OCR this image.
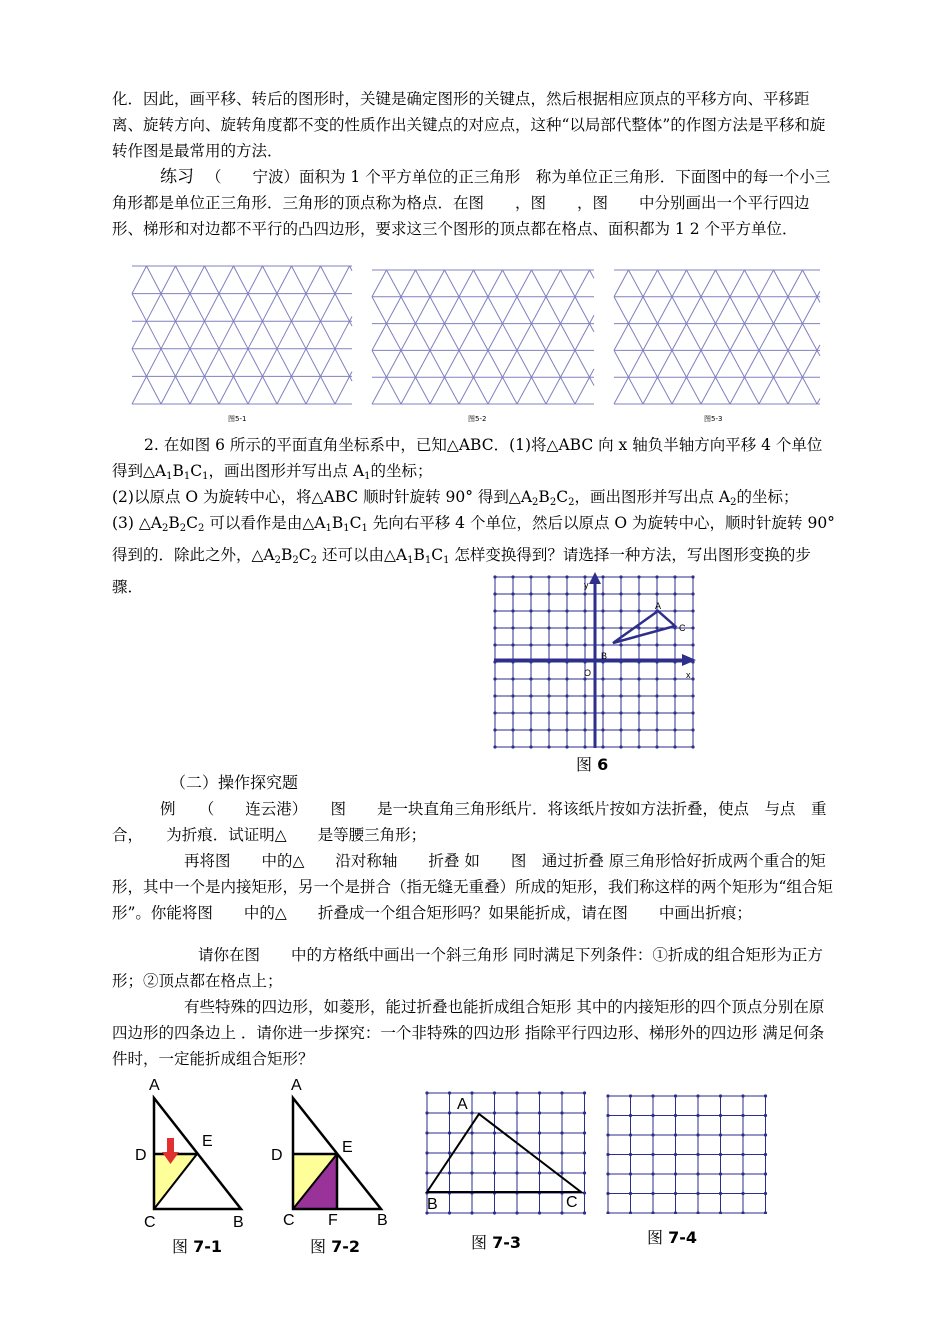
化．因此，画平移、转后的图形时，关键是确定图形的关键点，然后根据相应顶点的平移方向、平移距离、旋转方向、旋转角度都不变的性质作出关键点的对应点，这种“以局部代整体”的作图方法是平移和旋转作图是最常用的方法．

练习 （　　宁波）面积为 1 个平方单位的正三角形　称为单位正三角形．下面图中的每一个小三角形都是单位正三角形．三角形的顶点称为格点．在图　　，图　　，图　　中分别画出一个平行四边形、梯形和对边都不平行的凸四边形，要求这三个图形的顶点都在格点、面积都为 1 2 个平方单位．

图5-1	图5-2	图5-3

2. 在如图 6 所示的平面直角坐标系中，已知△ABC．(1)将△ABC 向 x 轴负半轴方向平移 4 个单位得到$\triangle A_1B_1C_1$，画出图形并写出点 $A_1$的坐标；

(2)以原点 O 为旋转中心，将△ABC 顺时针旋转 90° 得到$\triangle A_2B_2C_2$，画出图形并写出点 $A_2$的坐标；

(3) $\triangle A_2B_2C_2$ 可以看作是由$\triangle A_1B_1C_1$ 先向右平移 4 个单位，然后以原点 O 为旋转中心，顺时针旋转 90° 得到的．除此之外，$\triangle A_2B_2C_2$ 还可以由$\triangle A_1B_1C_1$ 怎样变换得到？请选择一种方法，写出图形变换的步骤．	y
x
O
A
B
C
图 6
（二）操作探究题

例　　（　　连云港）　　图　　是一块直角三角形纸片．将该纸片按如方法折叠，使点　与点　重合，　　为折痕．试证明△　　是等腰三角形；

再将图　　中的△　　沿对称轴　　折叠 如　　图　通过折叠 原三角形恰好折成两个重合的矩形，其中一个是内接矩形，另一个是拼合（指无缝无重叠）所成的矩形，我们称这样的两个矩形为“组合矩形”。你能将图　　中的△　　折叠成一个组合矩形吗？如果能折成，请在图　　中画出折痕；

请你在图　　中的方格纸中画出一个斜三角形 同时满足下列条件：①折成的组合矩形为正方形；②顶点都在格点上；

有些特殊的四边形，如菱形，能过折叠也能折成组合矩形 其中的内接矩形的四个顶点分别在原四边形的四条边上 ．请你进一步探究：一个非特殊的四边形 指除平行四边形、梯形外的四边形 满足何条件时，一定能折成组合矩形？

A
D
E
C	B
图 7-1
A
D	E
C F B
图 7-2
A
B	C
图 7-3	图 7-4
